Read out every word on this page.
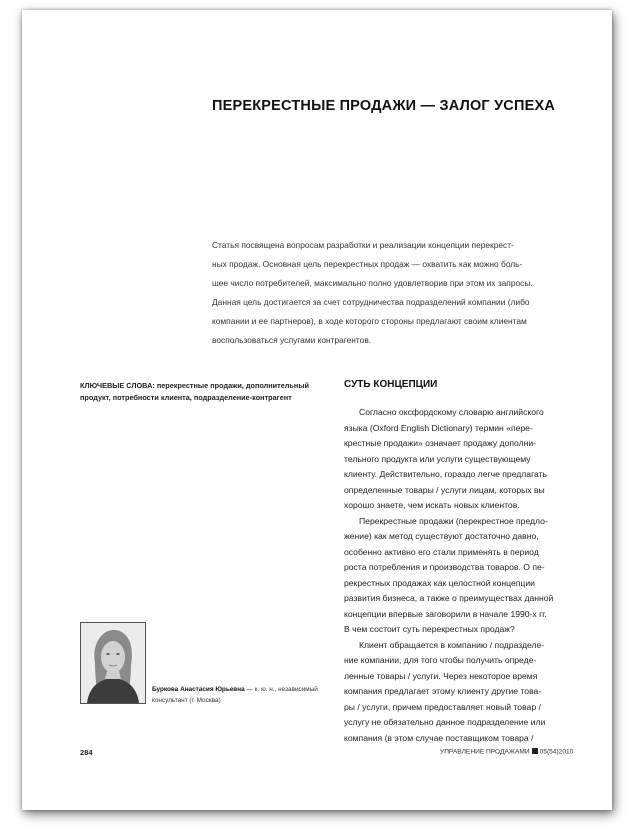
ПЕРЕКРЕСТНЫЕ ПРОДАЖИ — ЗАЛОГ УСПЕХА
Статья посвящена вопросам разработки и реализации концепции перекрест-
ных продаж. Основная цель перекрестных продаж — охватить как можно боль-
шее число потребителей, максимально полно удовлетворив при этом их запросы.
Данная цель достигается за счет сотрудничества подразделений компании (либо
компании и ее партнеров), в ходе которого стороны предлагают своим клиентам
воспользоваться услугами контрагентов.
КЛЮЧЕВЫЕ СЛОВА: перекрестные продажи, дополнительный
продукт, потребности клиента, подразделение-контрагент
СУТЬ КОНЦЕПЦИИ
Согласно оксфордскому словарю английского
языка (Oxford English Dictionary) термин «пере-
крестные продажи» означает продажу дополни-
тельного продукта или услуги существующему
клиенту. Действительно, гораздо легче предлагать
определенные товары / услуги лицам, которых вы
хорошо знаете, чем искать новых клиентов.
Перекрестные продажи (перекрестное предло-
жение) как метод существуют достаточно давно,
особенно активно его стали применять в период
роста потребления и производства товаров. О пе-
рекрестных продажах как целостной концепции
развития бизнеса, а также о преимуществах данной
концепции впервые заговорили в начале 1990-х гг.
В чем состоит суть перекрестных продаж?
Клиент обращается в компанию / подразделе-
ние компании, для того чтобы получить опреде-
ленные товары / услуги. Через некоторое время
компания предлагает этому клиенту другие това-
ры / услуги, причем предоставляет новый товар /
услугу не обязательно данное подразделение или
компания (в этом случае поставщиком товара /
Буркова Анастасия Юрьевна — к. ю. н., независимый
консультант (г. Москва)
284	УПРАВЛЕНИЕ ПРОДАЖАМИ 05(54)2010
